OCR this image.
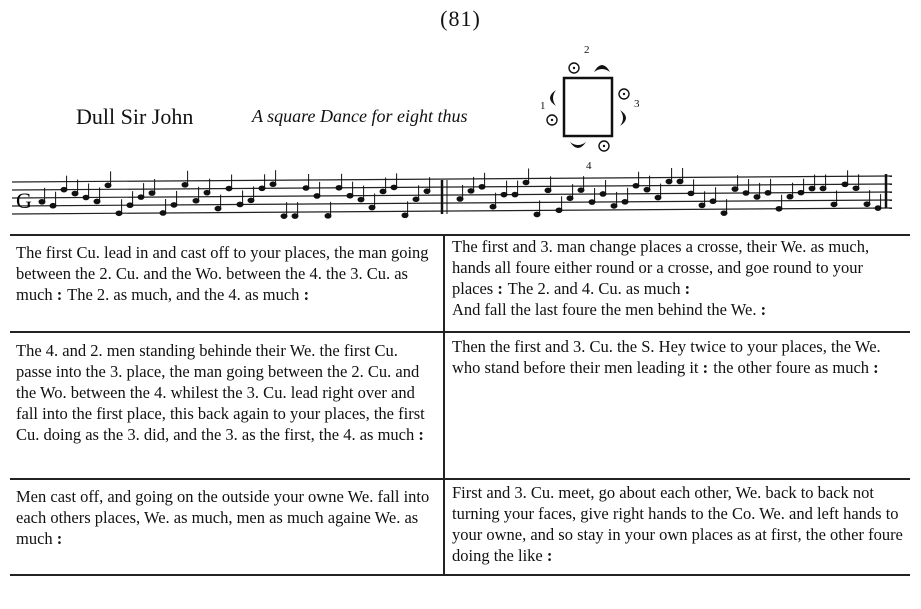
(81)
Dull Sir John	A square Dance for eight thus
2
1	3
4
G

The first Cu. lead in and cast off to your places, the man going between the 2. Cu. and the Wo. between the 4. the 3. Cu. as much : The 2. as much, and the 4. as much :

The 4. and 2. men standing behinde their We. the first Cu. passe into the 3. place, the man going between the 2. Cu. and the Wo. between the 4. whilest the 3. Cu. lead right over and fall into the first place, this back again to your places, the first Cu. doing as the 3. did, and the 3. as the first, the 4. as much :

Men cast off, and going on the outside your owne We. fall into each others places, We. as much, men as much againe We. as much :

The first and 3. man change places a crosse, their We. as much, hands all foure either round or a crosse, and goe round to your places : The 2. and 4. Cu. as much :

And fall the last foure the men behind the We. :

Then the first and 3. Cu. the S. Hey twice to your places, the We. who stand before their men leading it : the other foure as much :

First and 3. Cu. meet, go about each other, We. back to back not turning your faces, give right hands to the Co. We. and left hands to your owne, and so stay in your own places as at first, the other foure doing the like :
